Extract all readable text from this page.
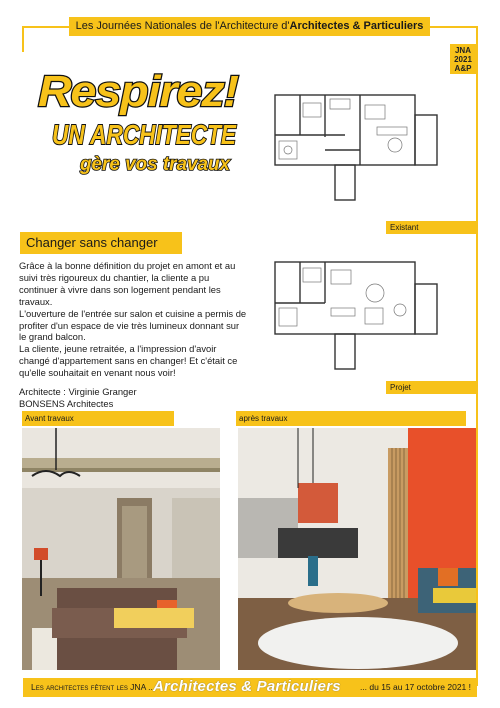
Les Journées Nationales de l'Architecture d'Architectes & Particuliers
JNA
2021
A&P
Respirez!
UN ARCHITECTE
gère vos travaux
Existant
Projet
Changer sans changer

Grâce à la bonne définition du projet en amont et au suivi très rigoureux du chantier, la cliente a pu continuer à vivre dans son logement pendant les travaux.

L'ouverture de l'entrée sur salon et cuisine a permis de profiter d'un espace de vie très lumineux donnant sur le grand balcon.

La cliente, jeune retraitée, a l'impression d'avoir changé d'appartement sans en changer! Et c'était ce qu'elle souhaitait en venant nous voir!

Architecte : Virginie Granger
BONSENS Architectes
Avant travaux	après travaux
Les architectes fêtent les JNA ...
Architectes & Particuliers ... du 15 au 17 octobre 2021 !
